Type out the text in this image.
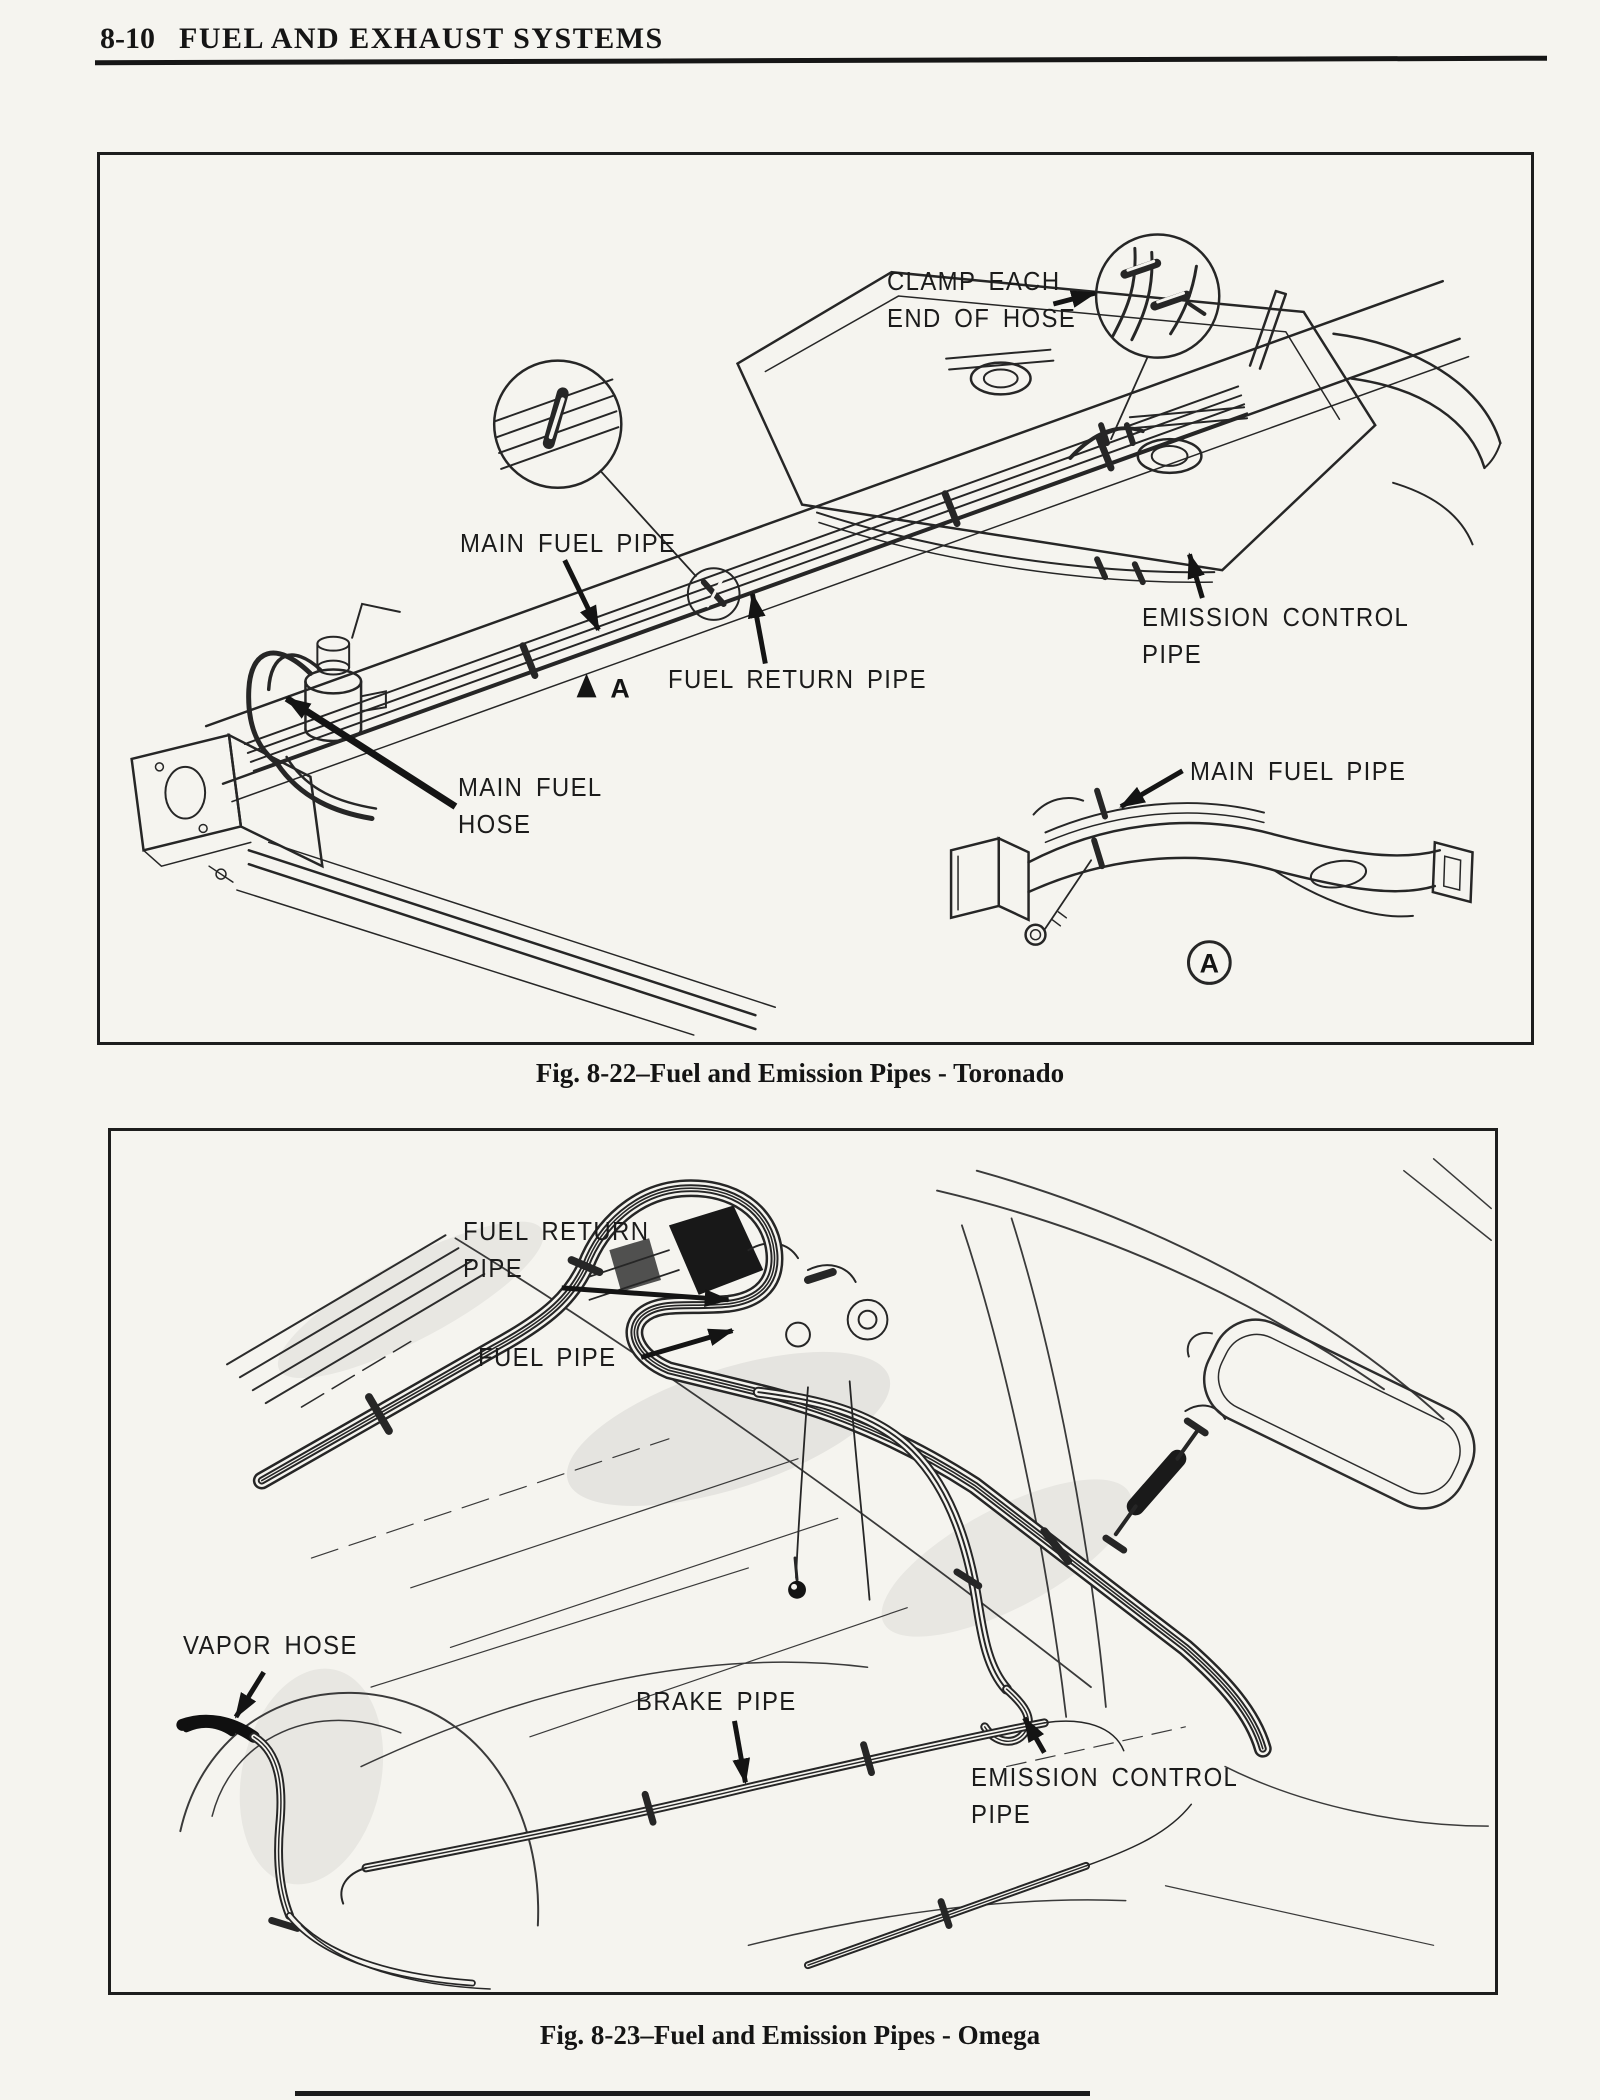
8-10 FUEL AND EXHAUST SYSTEMS
A
A
CLAMP EACH
END OF HOSE
MAIN FUEL PIPE
FUEL RETURN PIPE
EMISSION CONTROL
PIPE
MAIN FUEL
HOSE
MAIN FUEL PIPE
Fig. 8-22–Fuel and Emission Pipes - Toronado
FUEL RETURN
PIPE
FUEL PIPE
VAPOR HOSE
BRAKE PIPE
EMISSION CONTROL
PIPE
Fig. 8-23–Fuel and Emission Pipes - Omega
